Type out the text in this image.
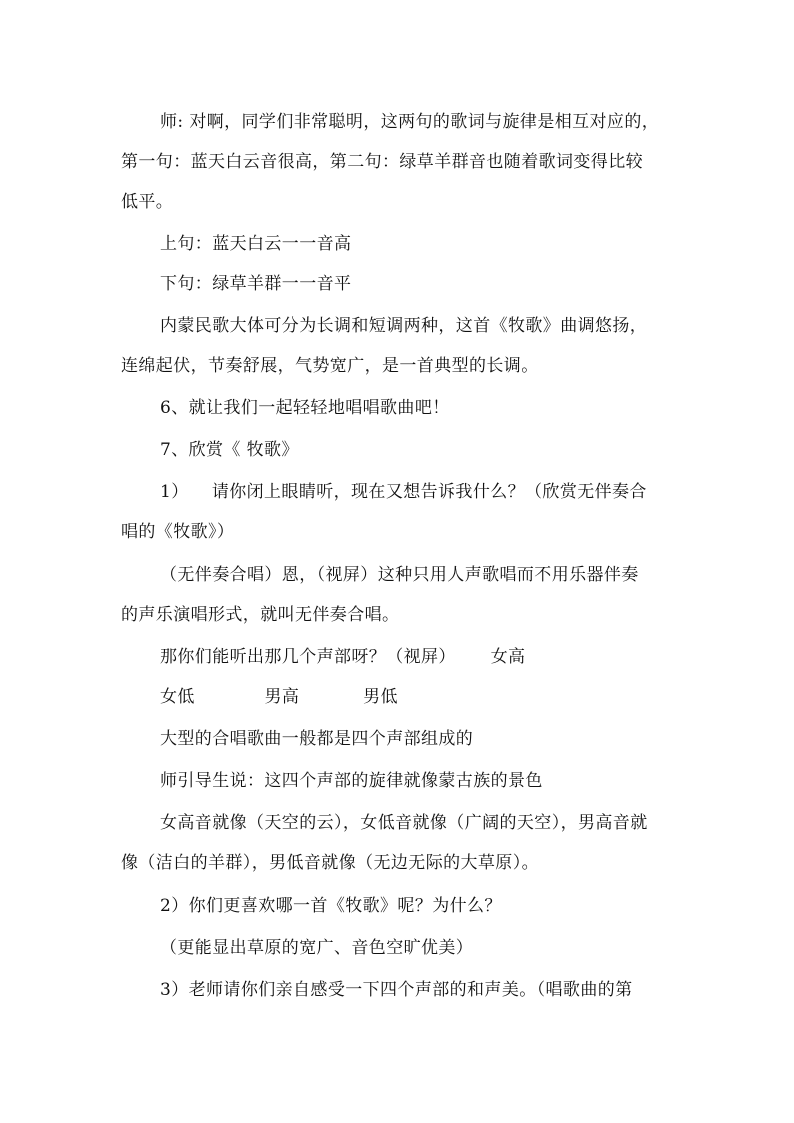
师: 对啊，同学们非常聪明，这两句的歌词与旋律是相互对应的，
第一句：蓝天白云音很高，第二句：绿草羊群音也随着歌词变得比较
低平。
上句：蓝天白云一一音高
下句：绿草羊群一一音平
内蒙民歌大体可分为长调和短调两种，这首《牧歌》曲调悠扬，
连绵起伏，节奏舒展，气势宽广，是一首典型的长调。
6、就让我们一起轻轻地唱唱歌曲吧！
7、欣赏《 牧歌》
1）    请你闭上眼睛听，现在又想告诉我什么？（欣赏无伴奏合
唱的《牧歌》）
（无伴奏合唱）恩，（视屏）这种只用人声歌唱而不用乐器伴奏
的声乐演唱形式，就叫无伴奏合唱。
那你们能听出那几个声部呀？（视屏）      女高
女低            男高           男低
大型的合唱歌曲一般都是四个声部组成的
师引导生说：这四个声部的旋律就像蒙古族的景色
女高音就像（天空的云），女低音就像（广阔的天空），男高音就
像（洁白的羊群），男低音就像（无边无际的大草原）。
2）你们更喜欢哪一首《牧歌》呢？为什么？
（更能显出草原的宽广、音色空旷优美）
3）老师请你们亲自感受一下四个声部的和声美。（唱歌曲的第
